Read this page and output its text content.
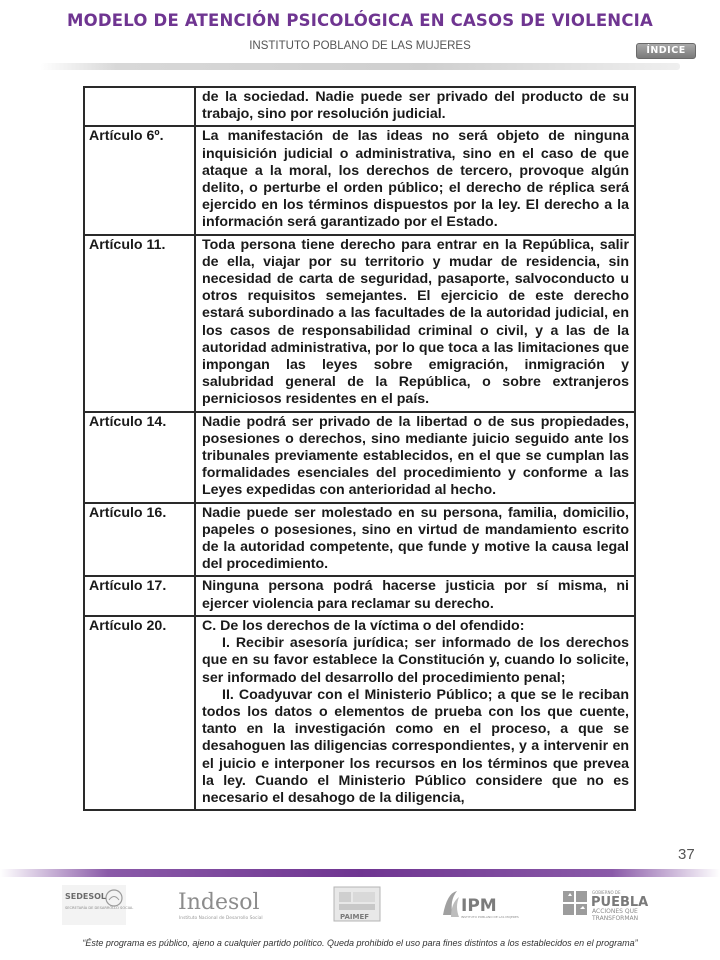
MODELO DE ATENCIÓN PSICOLÓGICA EN CASOS DE VIOLENCIA
INSTITUTO POBLANO DE LAS MUJERES	ÍNDICE
	de la sociedad. Nadie puede ser privado del producto de su trabajo, sino por resolución judicial.
Artículo 6º.	La manifestación de las ideas no será objeto de ninguna inquisición judicial o administrativa, sino en el caso de que ataque a la moral, los derechos de tercero, provoque algún delito, o perturbe el orden público; el derecho de réplica será ejercido en los términos dispuestos por la ley. El derecho a la información será garantizado por el Estado.
Artículo 11.	Toda persona tiene derecho para entrar en la República, salir de ella, viajar por su territorio y mudar de residencia, sin necesidad de carta de seguridad, pasaporte, salvoconducto u otros requisitos semejantes. El ejercicio de este derecho estará subordinado a las facultades de la autoridad judicial, en los casos de responsabilidad criminal o civil, y a las de la autoridad administrativa, por lo que toca a las limitaciones que impongan las leyes sobre emigración, inmigración y salubridad general de la República, o sobre extranjeros perniciosos residentes en el país.
Artículo 14.	Nadie podrá ser privado de la libertad o de sus propiedades, posesiones o derechos, sino mediante juicio seguido ante los tribunales previamente establecidos, en el que se cumplan las formalidades esenciales del procedimiento y conforme a las Leyes expedidas con anterioridad al hecho.
Artículo 16.	Nadie puede ser molestado en su persona, familia, domicilio, papeles o posesiones, sino en virtud de mandamiento escrito de la autoridad competente, que funde y motive la causa legal del procedimiento.
Artículo 17.	Ninguna persona podrá hacerse justicia por sí misma, ni ejercer violencia para reclamar su derecho.
Artículo 20.	C. De los derechos de la víctima o del ofendido:

I. Recibir asesoría jurídica; ser informado de los derechos que en su favor establece la Constitución y, cuando lo solicite, ser informado del desarrollo del procedimiento penal;

II. Coadyuvar con el Ministerio Público; a que se le reciban todos los datos o elementos de prueba con los que cuente, tanto en la investigación como en el proceso, a que se desahoguen las diligencias correspondientes, y a intervenir en el juicio e interponer los recursos en los términos que prevea la ley. Cuando el Ministerio Público considere que no es necesario el desahogo de la diligencia,

37
SEDESOL
SECRETARÍA DE DESARROLLO SOCIAL Indesol
Instituto Nacional de Desarrollo Social	PAIMEF
IPM
INSTITUTO POBLANO DE LAS MUJERES
GOBIERNO DE
PUEBLA
ACCIONES QUE
TRANSFORMAN
“Éste programa es público, ajeno a cualquier partido político. Queda prohibido el uso para fines distintos a los establecidos en el programa”
